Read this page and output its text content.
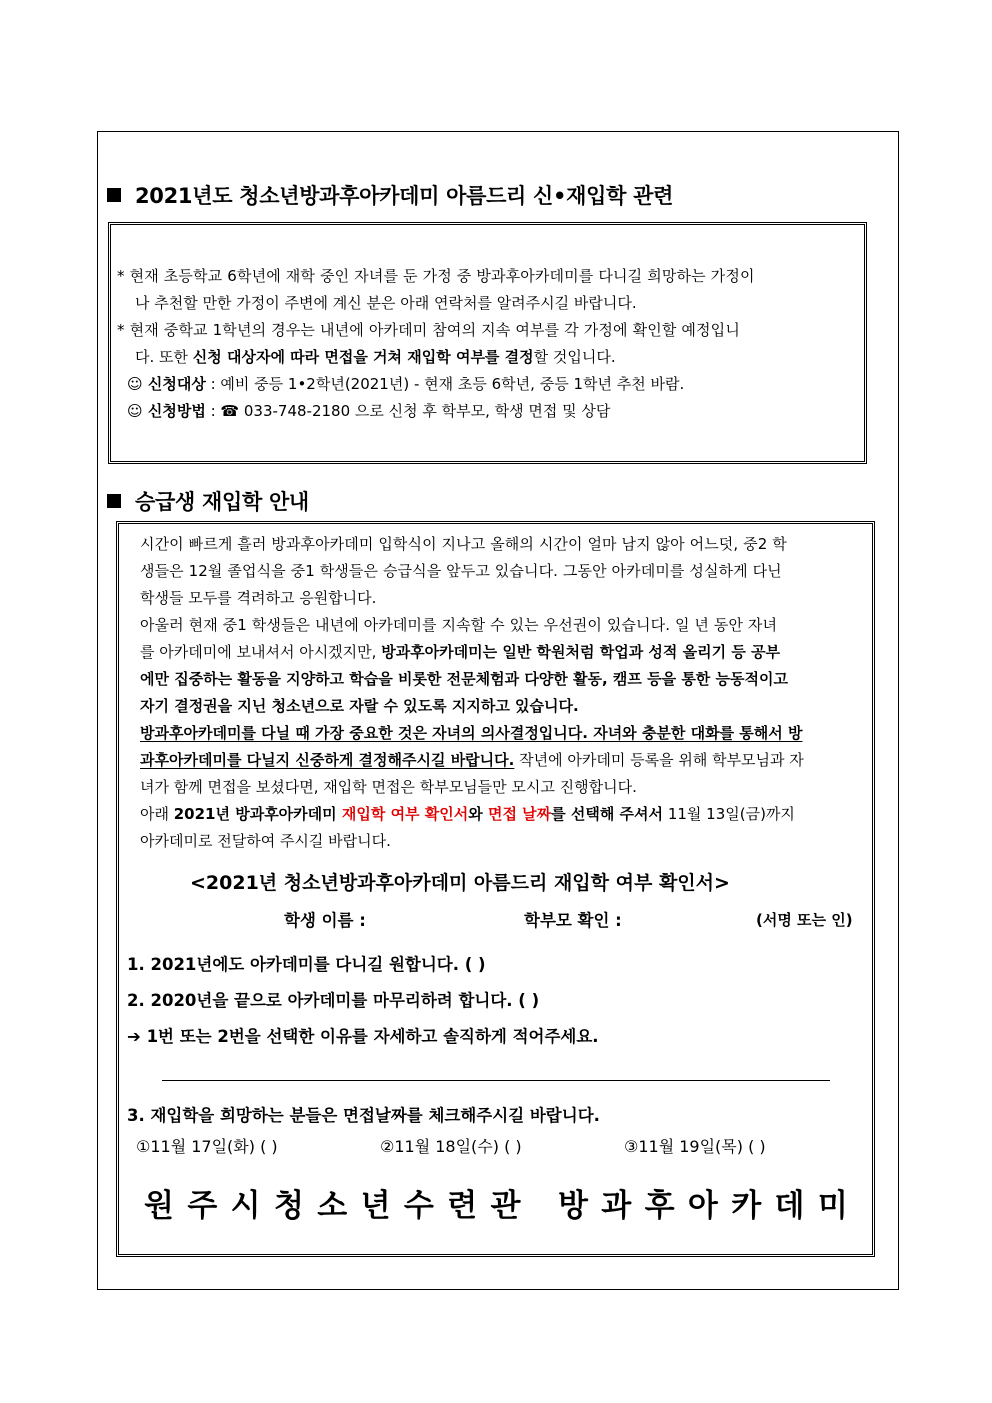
2021년도 청소년방과후아카데미 아름드리 신•재입학 관련
* 현재 초등학교 6학년에 재학 중인 자녀를 둔 가정 중 방과후아카데미를 다니길 희망하는 가정이
나 추천할 만한 가정이 주변에 계신 분은 아래 연락처를 알려주시길 바랍니다.
* 현재 중학교 1학년의 경우는 내년에 아카데미 참여의 지속 여부를 각 가정에 확인할 예정입니
다. 또한 신청 대상자에 따라 면접을 거쳐 재입학 여부를 결정할 것입니다.
☺ 신청대상 : 예비 중등 1•2학년(2021년) - 현재 초등 6학년, 중등 1학년 추천 바람.
☺ 신청방법 : ☎ 033-748-2180 으로 신청 후 학부모, 학생 면접 및 상담
승급생 재입학 안내
시간이 빠르게 흘러 방과후아카데미 입학식이 지나고 올해의 시간이 얼마 남지 않아 어느덧, 중2 학
생들은 12월 졸업식을 중1 학생들은 승급식을 앞두고 있습니다. 그동안 아카데미를 성실하게 다닌
학생들 모두를 격려하고 응원합니다.
아울러 현재 중1 학생들은 내년에 아카데미를 지속할 수 있는 우선권이 있습니다. 일 년 동안 자녀
를 아카데미에 보내셔서 아시겠지만, 방과후아카데미는 일반 학원처럼 학업과 성적 올리기 등 공부
에만 집중하는 활동을 지양하고 학습을 비롯한 전문체험과 다양한 활동, 캠프 등을 통한 능동적이고
자기 결정권을 지닌 청소년으로 자랄 수 있도록 지지하고 있습니다.
방과후아카데미를 다닐 때 가장 중요한 것은 자녀의 의사결정입니다. 자녀와 충분한 대화를 통해서 방
과후아카데미를 다닐지 신중하게 결정해주시길 바랍니다. 작년에 아카데미 등록을 위해 학부모님과 자
녀가 함께 면접을 보셨다면, 재입학 면접은 학부모님들만 모시고 진행합니다.
아래 2021년 방과후아카데미 재입학 여부 확인서와 면접 날짜를 선택해 주셔서 11월 13일(금)까지
아카데미로 전달하여 주시길 바랍니다.
<2021년 청소년방과후아카데미 아름드리 재입학 여부 확인서>
학생 이름 :	학부모 확인 :	(서명 또는 인)
1. 2021년에도 아카데미를 다니길 원합니다. ( )
2. 2020년을 끝으로 아카데미를 마무리하려 합니다. ( )
➔ 1번 또는 2번을 선택한 이유를 자세하고 솔직하게 적어주세요.
3. 재입학을 희망하는 분들은 면접날짜를 체크해주시길 바랍니다.
①11월 17일(화) ( )	②11월 18일(수) ( )	③11월 19일(목) ( )
원 주 시 청 소 년 수 련 관
방 과 후 아 카 데 미
